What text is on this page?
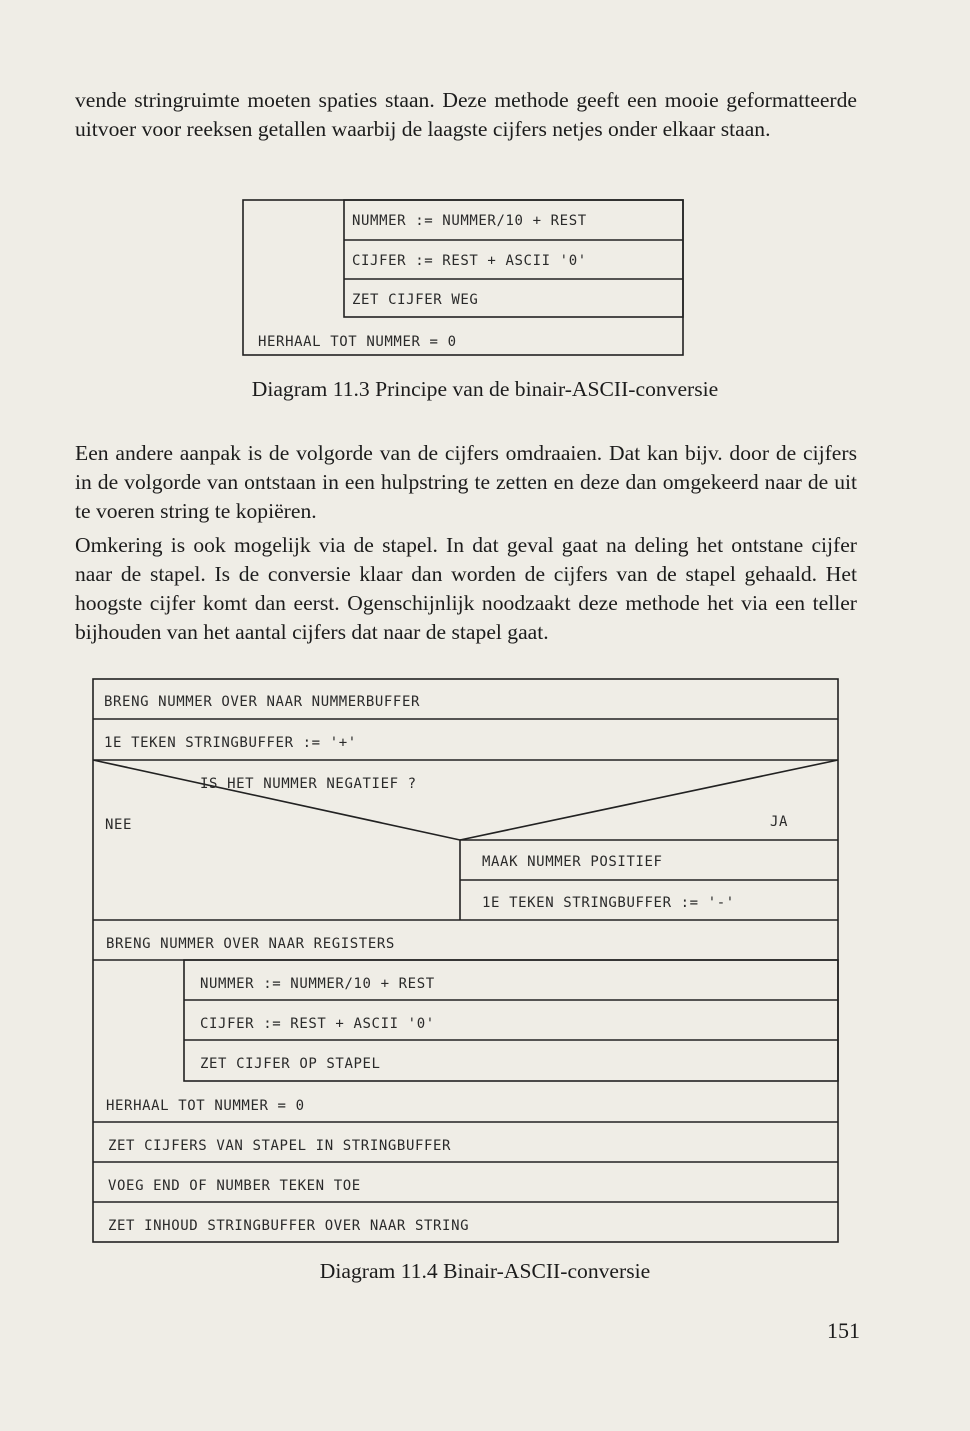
vende stringruimte moeten spaties staan. Deze methode geeft een mooie geformatteerde uitvoer voor reeksen getallen waarbij de laagste cijfers netjes onder elkaar staan.

NUMMER := NUMMER/10 + REST
CIJFER := REST + ASCII '0'
ZET CIJFER WEG
HERHAAL TOT NUMMER = 0
BRENG NUMMER OVER NAAR NUMMERBUFFER
1E TEKEN STRINGBUFFER := '+'
IS HET NUMMER NEGATIEF ?
NEE	JA
MAAK NUMMER POSITIEF
1E TEKEN STRINGBUFFER := '-'
BRENG NUMMER OVER NAAR REGISTERS
NUMMER := NUMMER/10 + REST
CIJFER := REST + ASCII '0'
ZET CIJFER OP STAPEL
HERHAAL TOT NUMMER = 0
ZET CIJFERS VAN STAPEL IN STRINGBUFFER
VOEG END OF NUMBER TEKEN TOE
ZET INHOUD STRINGBUFFER OVER NAAR STRING

Diagram 11.3 Principe van de binair-ASCII-conversie

Een andere aanpak is de volgorde van de cijfers omdraaien. Dat kan bijv. door de cijfers in de volgorde van ontstaan in een hulpstring te zetten en deze dan omgekeerd naar de uit te voeren string te kopiëren.

Omkering is ook mogelijk via de stapel. In dat geval gaat na deling het ontstane cijfer naar de stapel. Is de conversie klaar dan worden de cijfers van de stapel gehaald. Het hoogste cijfer komt dan eerst. Ogenschijnlijk noodzaakt deze methode het via een teller bijhouden van het aantal cijfers dat naar de stapel gaat.

Diagram 11.4 Binair-ASCII-conversie

151
